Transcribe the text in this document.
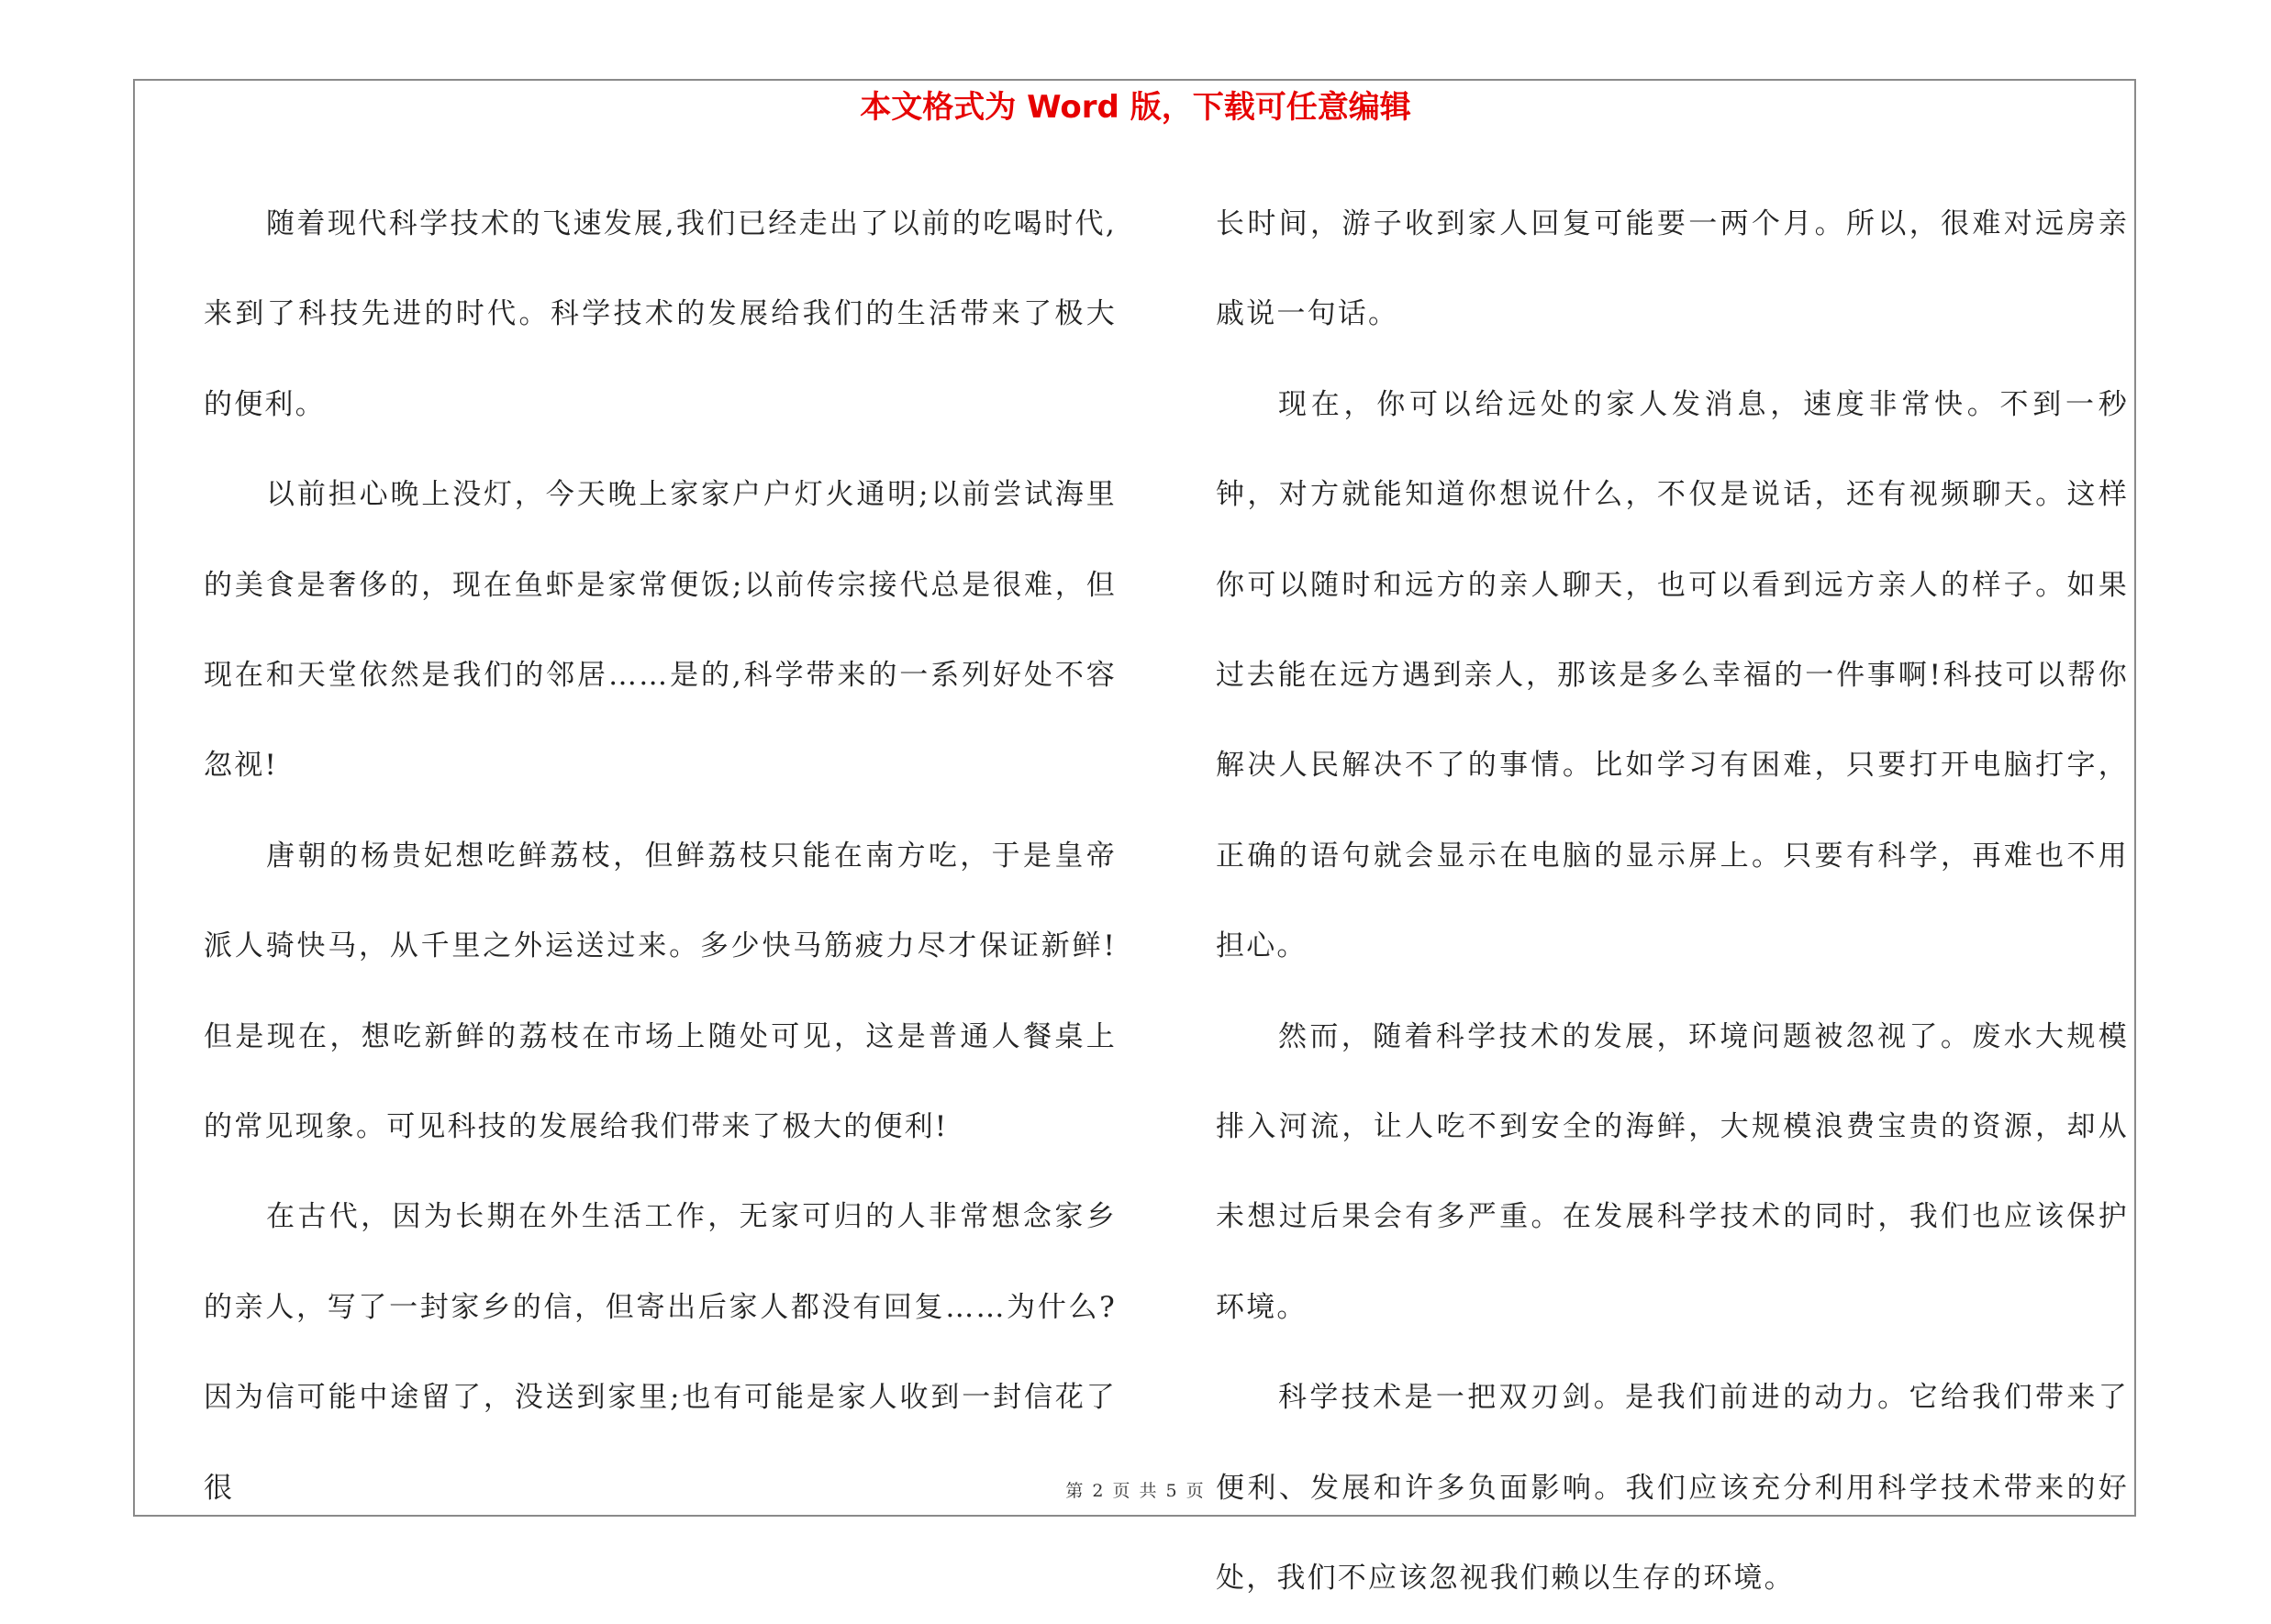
本文格式为 Word 版，下载可任意编辑

随着现代科学技术的飞速发展,我们已经走出了以前的吃喝时代,来到了科技先进的时代。科学技术的发展给我们的生活带来了极大的便利。

以前担心晚上没灯，今天晚上家家户户灯火通明;以前尝试海里的美食是奢侈的，现在鱼虾是家常便饭;以前传宗接代总是很难，但现在和天堂依然是我们的邻居……是的,科学带来的一系列好处不容忽视!

唐朝的杨贵妃想吃鲜荔枝，但鲜荔枝只能在南方吃，于是皇帝派人骑快马，从千里之外运送过来。多少快马筋疲力尽才保证新鲜!但是现在，想吃新鲜的荔枝在市场上随处可见，这是普通人餐桌上的常见现象。可见科技的发展给我们带来了极大的便利!

在古代，因为长期在外生活工作，无家可归的人非常想念家乡的亲人，写了一封家乡的信，但寄出后家人都没有回复……为什么?因为信可能中途留了，没送到家里;也有可能是家人收到一封信花了很

长时间，游子收到家人回复可能要一两个月。所以，很难对远房亲戚说一句话。

现在，你可以给远处的家人发消息，速度非常快。不到一秒钟，对方就能知道你想说什么，不仅是说话，还有视频聊天。这样你可以随时和远方的亲人聊天，也可以看到远方亲人的样子。如果过去能在远方遇到亲人，那该是多么幸福的一件事啊!科技可以帮你解决人民解决不了的事情。比如学习有困难，只要打开电脑打字，正确的语句就会显示在电脑的显示屏上。只要有科学，再难也不用担心。

然而，随着科学技术的发展，环境问题被忽视了。废水大规模排入河流，让人吃不到安全的海鲜，大规模浪费宝贵的资源，却从未想过后果会有多严重。在发展科学技术的同时，我们也应该保护环境。

科学技术是一把双刃剑。是我们前进的动力。它给我们带来了便利、发展和许多负面影响。我们应该充分利用科学技术带来的好处，我们不应该忽视我们赖以生存的环境。

第 2 页 共 5 页
